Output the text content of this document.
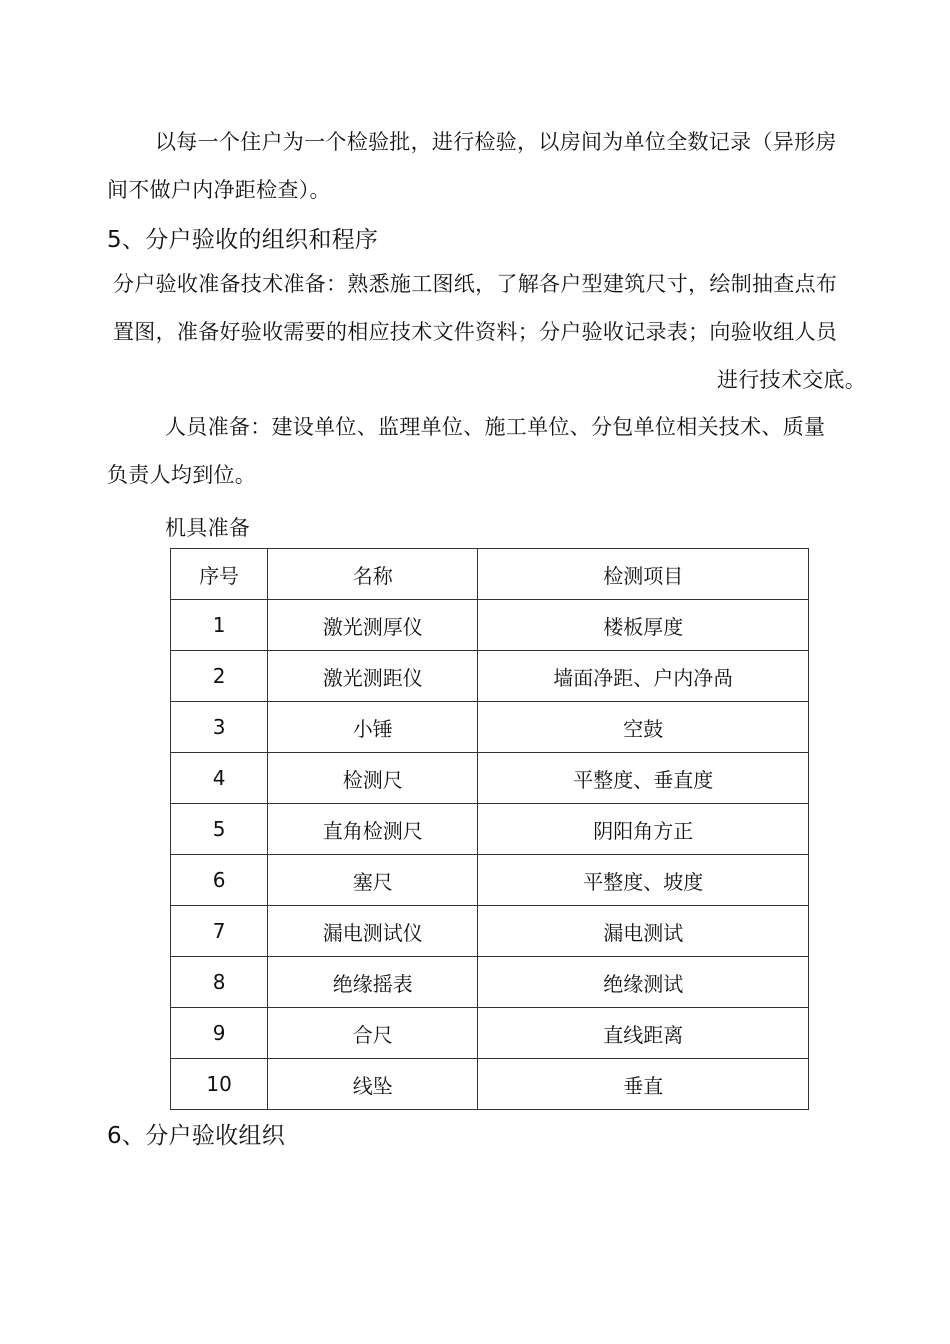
以每一个住户为一个检验批，进行检验，以房间为单位全数记录（异形房
间不做户内净距检查）。
5、分户验收的组织和程序
分户验收准备技术准备：熟悉施工图纸，了解各户型建筑尺寸，绘制抽查点布
置图，准备好验收需要的相应技术文件资料；分户验收记录表；向验收组人员
进行技术交底。
人员准备：建设单位、监理单位、施工单位、分包单位相关技术、质量
负责人均到位。
机具准备
序号	名称	检测项目
1	激光测厚仪	楼板厚度
2	激光测距仪	墙面净距、户内净咼
3	小锤	空鼓
4	检测尺	平整度、垂直度
5	直角检测尺	阴阳角方正
6	塞尺	平整度、坡度
7	漏电测试仪	漏电测试
8	绝缘摇表	绝缘测试
9	合尺	直线距离
10	线坠	垂直
6、分户验收组织
